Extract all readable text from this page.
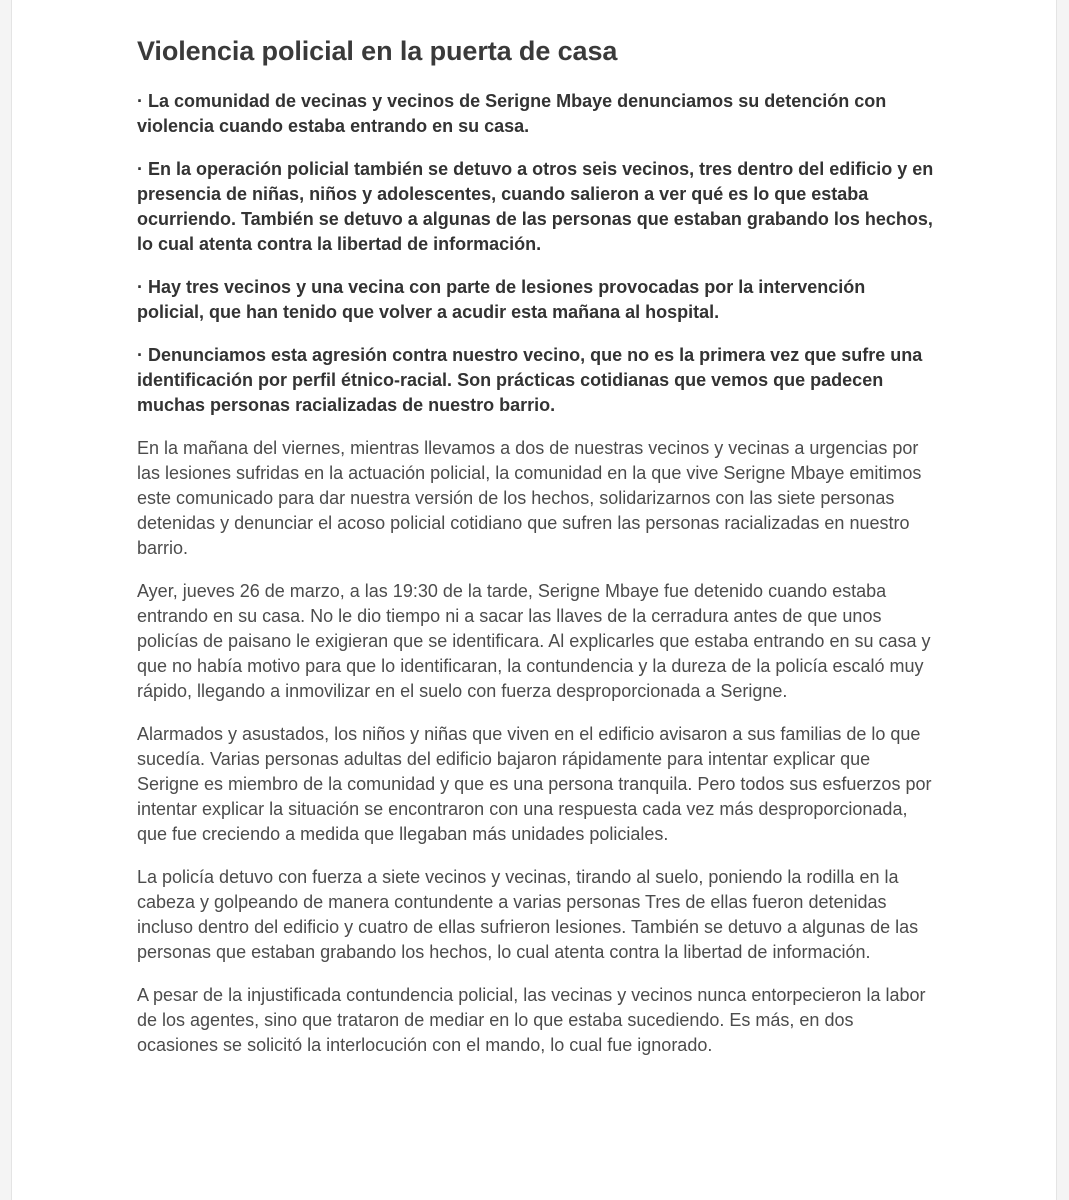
Violencia policial en la puerta de casa

· La comunidad de vecinas y vecinos de Serigne Mbaye denunciamos su detención con violencia cuando estaba entrando en su casa.

· En la operación policial también se detuvo a otros seis vecinos, tres dentro del edificio y en presencia de niñas, niños y adolescentes, cuando salieron a ver qué es lo que estaba ocurriendo. También se detuvo a algunas de las personas que estaban grabando los hechos, lo cual atenta contra la libertad de información.

· Hay tres vecinos y una vecina con parte de lesiones provocadas por la intervención policial, que han tenido que volver a acudir esta mañana al hospital.

· Denunciamos esta agresión contra nuestro vecino, que no es la primera vez que sufre una identificación por perfil étnico-racial. Son prácticas cotidianas que vemos que padecen muchas personas racializadas de nuestro barrio.

En la mañana del viernes, mientras llevamos a dos de nuestras vecinos y vecinas a urgencias por las lesiones sufridas en la actuación policial, la comunidad en la que vive Serigne Mbaye emitimos este comunicado para dar nuestra versión de los hechos, solidarizarnos con las siete personas detenidas y denunciar el acoso policial cotidiano que sufren las personas racializadas en nuestro barrio.

Ayer, jueves 26 de marzo, a las 19:30 de la tarde, Serigne Mbaye fue detenido cuando estaba entrando en su casa. No le dio tiempo ni a sacar las llaves de la cerradura antes de que unos policías de paisano le exigieran que se identificara. Al explicarles que estaba entrando en su casa y que no había motivo para que lo identificaran, la contundencia y la dureza de la policía escaló muy rápido, llegando a inmovilizar en el suelo con fuerza desproporcionada a Serigne.

Alarmados y asustados, los niños y niñas que viven en el edificio avisaron a sus familias de lo que sucedía. Varias personas adultas del edificio bajaron rápidamente para intentar explicar que Serigne es miembro de la comunidad y que es una persona tranquila. Pero todos sus esfuerzos por intentar explicar la situación se encontraron con una respuesta cada vez más desproporcionada, que fue creciendo a medida que llegaban más unidades policiales.

La policía detuvo con fuerza a siete vecinos y vecinas, tirando al suelo, poniendo la rodilla en la cabeza y golpeando de manera contundente a varias personas Tres de ellas fueron detenidas incluso dentro del edificio y cuatro de ellas sufrieron lesiones. También se detuvo a algunas de las personas que estaban grabando los hechos, lo cual atenta contra la libertad de información.

A pesar de la injustificada contundencia policial, las vecinas y vecinos nunca entorpecieron la labor de los agentes, sino que trataron de mediar en lo que estaba sucediendo. Es más, en dos ocasiones se solicitó la interlocución con el mando, lo cual fue ignorado.
